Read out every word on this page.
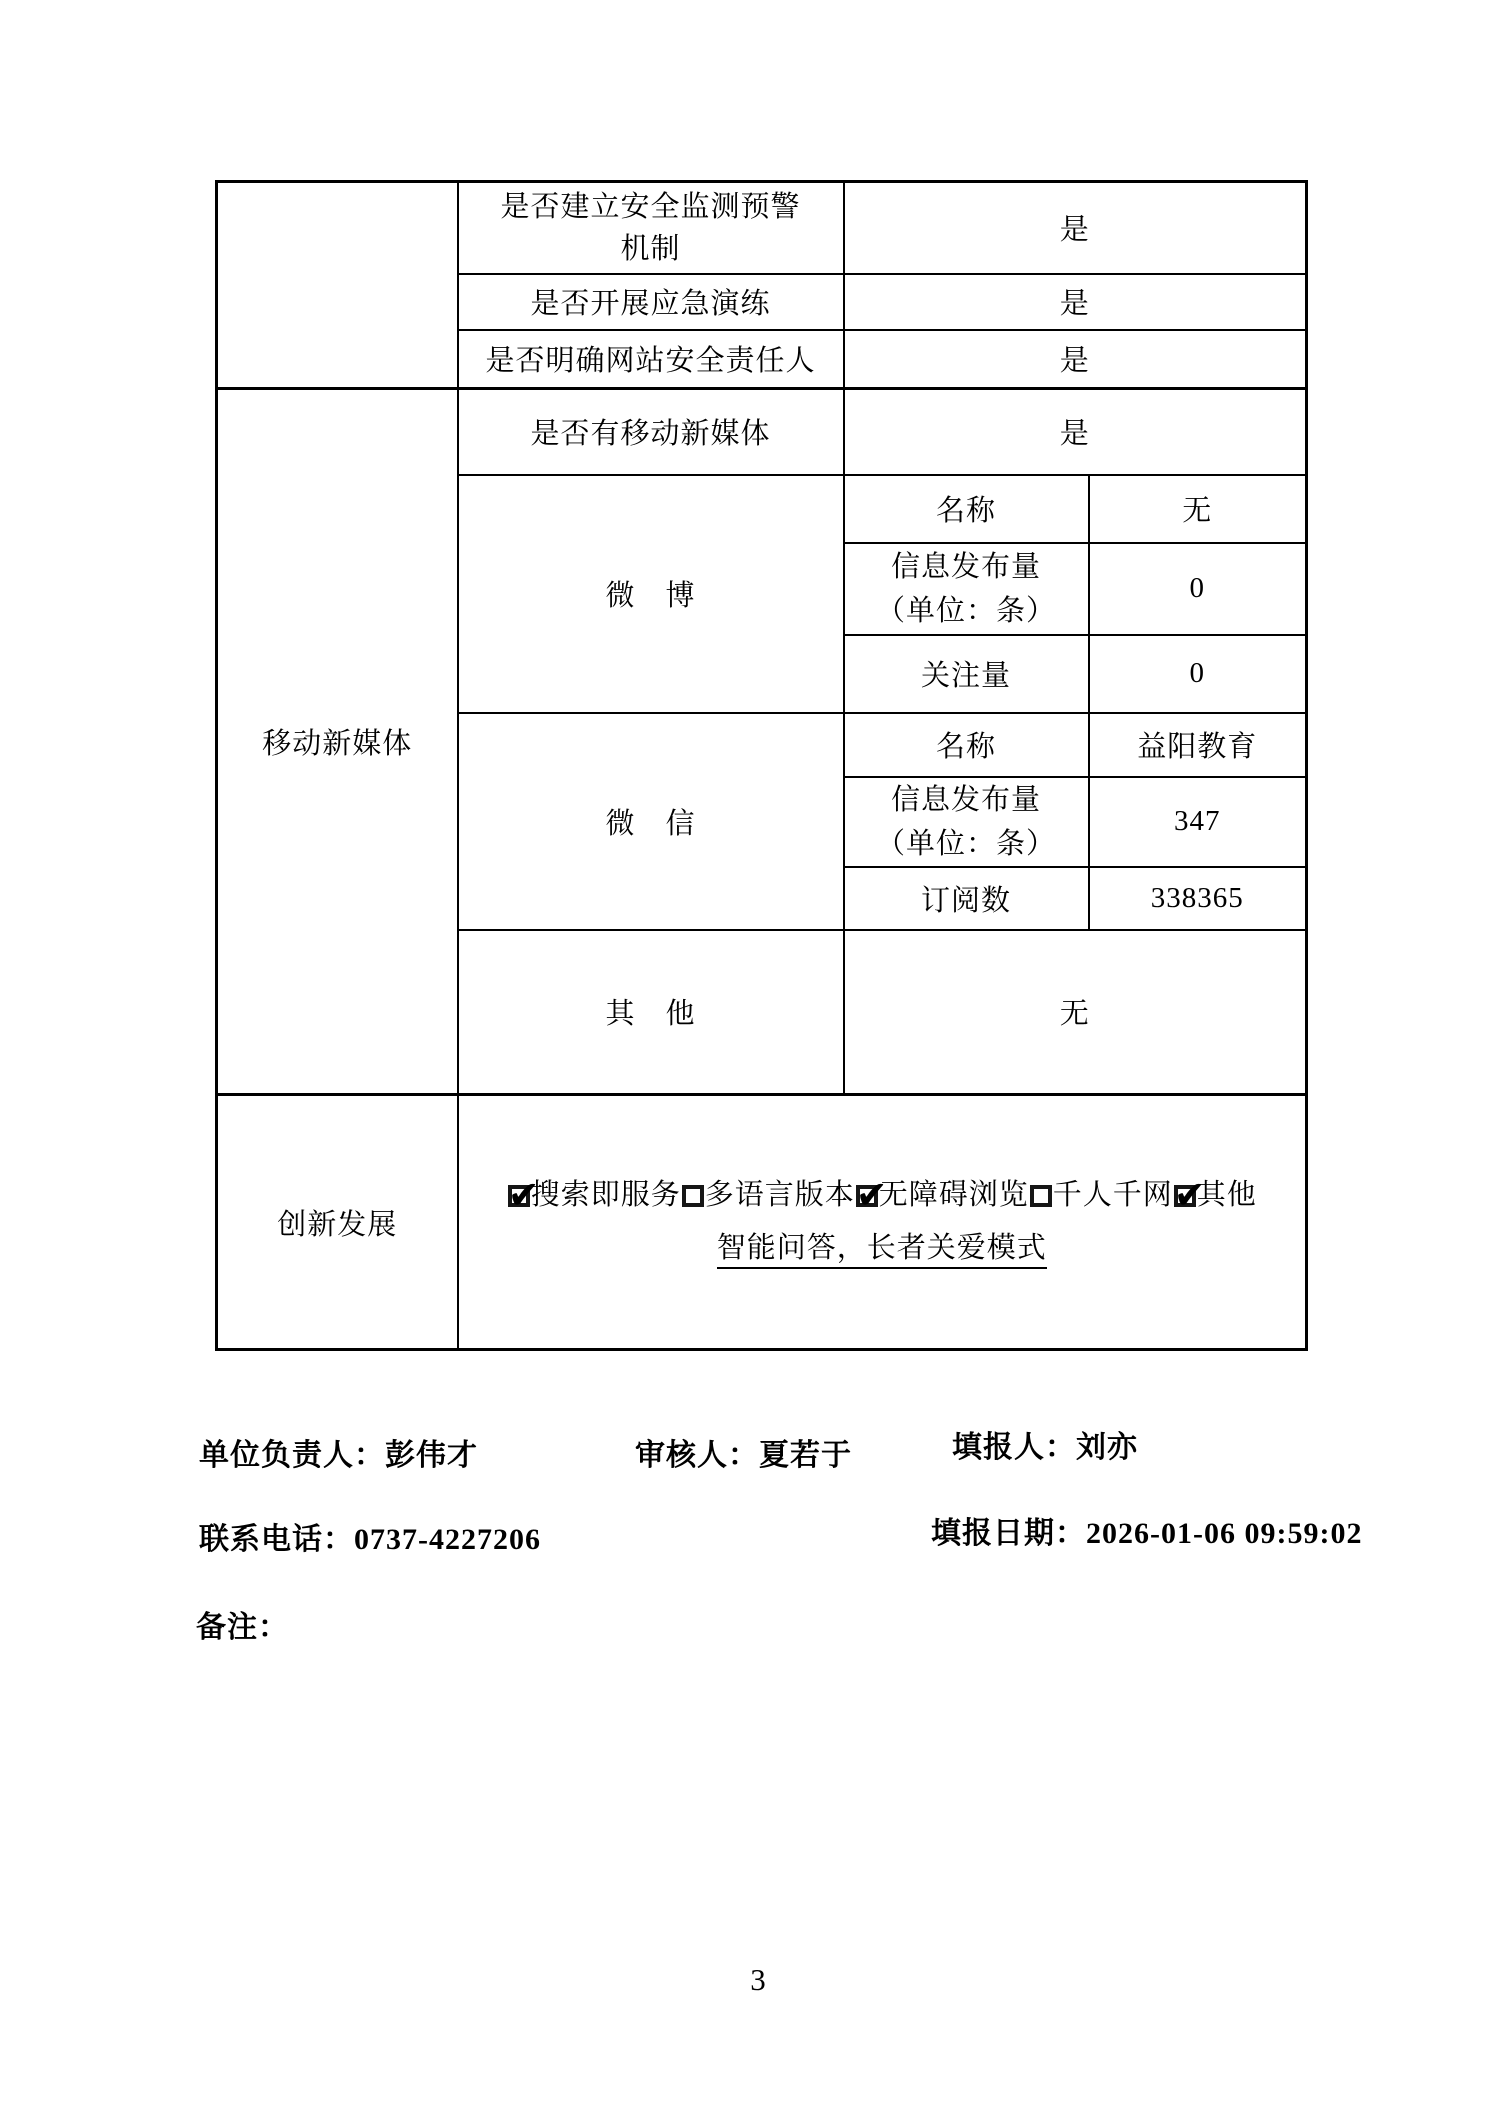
	是否建立安全监测预警
机制	是	
	是否开展应急演练	是	
	是否明确网站安全责任人	是	
移动新媒体	是否有移动新媒体	是	
	微　博	名称	无

		信息发布量
（单位：条）	0
		关注量	0
	微　信	名称	益阳教育

		信息发布量
（单位：条）	347
		订阅数	338365
	其　他	无	
创新发展	
✔搜索即服务 多语言版本 ✔ 无障碍浏览 千人千网 ✔ 其他
智能问答，长者关爱模式
单位负责人：彭伟才	审核人：夏若于	填报人：刘亦
联系电话：0737-4227206	填报日期：2026-01-06 09:59:02
备注：
3
